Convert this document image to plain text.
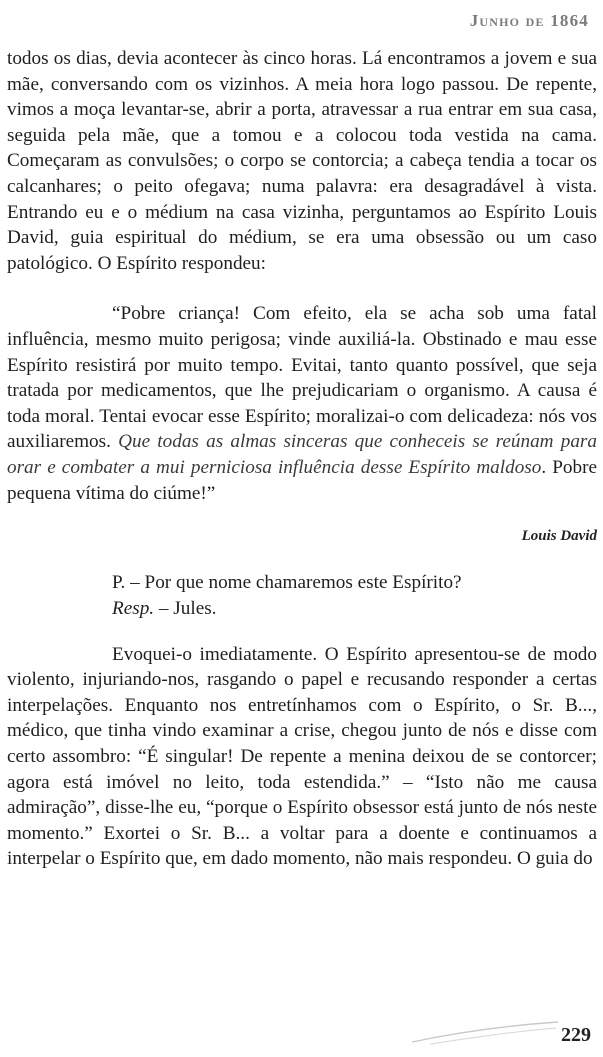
Junho de 1864

todos os dias, devia acontecer às cinco horas. Lá encontramos a jovem e sua mãe, conversando com os vizinhos. A meia hora logo passou. De repente, vimos a moça levantar-se, abrir a porta, atravessar a rua entrar em sua casa, seguida pela mãe, que a tomou e a colocou toda vestida na cama. Começaram as convulsões; o corpo se contorcia; a cabeça tendia a tocar os calcanhares; o peito ofegava; numa palavra: era desagradável à vista. Entrando eu e o médium na casa vizinha, perguntamos ao Espírito Louis David, guia espiritual do médium, se era uma obsessão ou um caso patológico. O Espírito respondeu:

“Pobre criança! Com efeito, ela se acha sob uma fatal influência, mesmo muito perigosa; vinde auxiliá-la. Obstinado e mau esse Espírito resistirá por muito tempo. Evitai, tanto quanto possível, que seja tratada por medicamentos, que lhe prejudicariam o organismo. A causa é toda moral. Tentai evocar esse Espírito; moralizai-o com delicadeza: nós vos auxiliaremos. Que todas as almas sinceras que conheceis se reúnam para orar e combater a mui perniciosa influência desse Espírito maldoso. Pobre pequena vítima do ciúme!”

Louis David

P. – Por que nome chamaremos este Espírito?
Resp. – Jules.

Evoquei-o imediatamente. O Espírito apresentou-se de modo violento, injuriando-nos, rasgando o papel e recusando responder a certas interpelações. Enquanto nos entretínhamos com o Espírito, o Sr. B..., médico, que tinha vindo examinar a crise, chegou junto de nós e disse com certo assombro: “É singular! De repente a menina deixou de se contorcer; agora está imóvel no leito, toda estendida.” – “Isto não me causa admiração”, disse-lhe eu, “porque o Espírito obsessor está junto de nós neste momento.” Exortei o Sr. B... a voltar para a doente e continuamos a interpelar o Espírito que, em dado momento, não mais respondeu. O guia do

229
